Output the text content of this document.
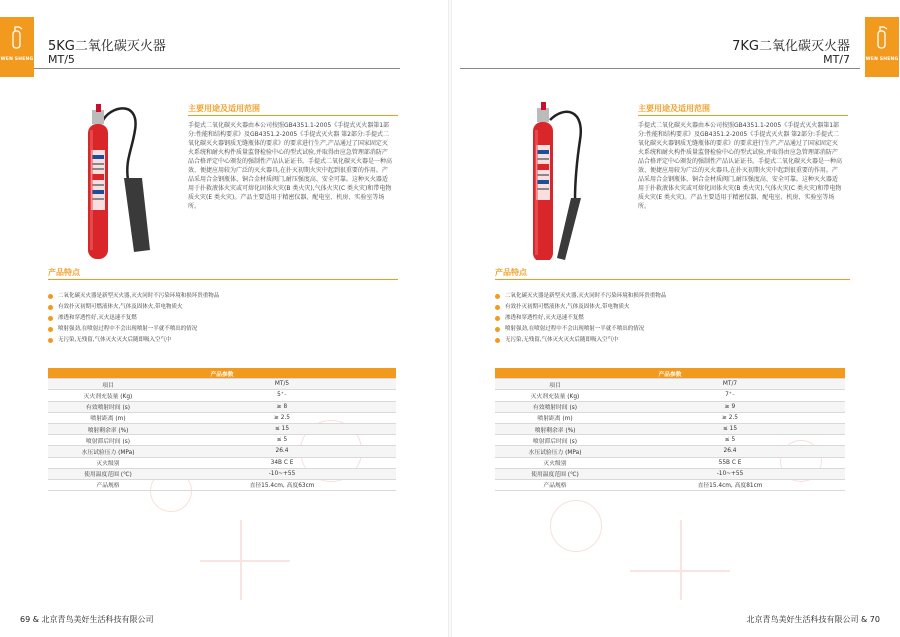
5KG二氧化碳灭火器
MT/5
主要用途及适用范围
手提式二氧化碳灭火器由本公司按照GB4351.1-2005《手提式灭火器第1部分:性能和结构要求》及GB4351.2-2005《手提式灭火器 第2部分:手提式二氧化碳灭火器钢质无缝瓶体的要求》的要求进行生产,产品通过了国家固定灭火系统和耐火构件质量监督检验中心的型式试验,并取得由应急管理部消防产品合格评定中心颁发的强制性产品认证证书。手提式二氧化碳灭火器是一种高效、便捷应用较为广泛的灭火器具,在扑灭初期火灾中起到很重要的作用。产品采用合金钢瓶体、铜合金材质阀门,耐压强度高、安全可靠。这种灭火器适用于扑救液体火灾或可熔化固体火灾(B 类火灾),气体火灾(C 类火灾)和带电物质火灾(E 类火灾)。产品主要适用于精密仪器、配电室、机房、实验室等场所。
产品特点
二氧化碳灭火器是新型灭火器,灭火同时不污染环境和损坏贵重物品
有效扑灭初期可燃液体火,气体及固体火,带电物质火
渗透和穿透性好,灭火迅速不复燃
喷射强劲,在喷射过程中不会出现喷射一半就不喷出的情况
无污染,无残留,气体灭火灭火后随即吸入空气中
产品参数	
项目	MT/5
灭火剂充装量 (Kg)	5⁺₋
有效喷射时间 (s)	≥ 8
喷射距离 (m)	≥ 2.5
喷射剩余率 (%)	≤ 15
喷射滞后时间 (s)	≤ 5
水压试验压力 (MPa)	26.4
灭火级别	34B C E
使用温度范围 (℃)	-10~+55
产品规格	直径15.4cm, 高度63cm
69 & 北京青鸟美好生活科技有限公司
WEN SHENG
7KG二氧化碳灭火器
MT/7
主要用途及适用范围
手提式二氧化碳灭火器由本公司按照GB4351.1-2005《手提式灭火器第1部分:性能和结构要求》及GB4351.2-2005《手提式灭火器 第2部分:手提式二氧化碳灭火器钢质无缝瓶体的要求》的要求进行生产,产品通过了国家固定灭火系统和耐火构件质量监督检验中心的型式试验,并取得由应急管理部消防产品合格评定中心颁发的强制性产品认证证书。手提式二氧化碳灭火器是一种高效、便捷应用较为广泛的灭火器具,在扑灭初期火灾中起到很重要的作用。产品采用合金钢瓶体、铜合金材质阀门,耐压强度高、安全可靠。这种灭火器适用于扑救液体火灾或可熔化固体火灾(B 类火灾),气体火灾(C 类火灾)和带电物质火灾(E 类火灾)。产品主要适用于精密仪器、配电室、机房、实验室等场所。
产品特点
二氧化碳灭火器是新型灭火器,灭火同时不污染环境和损坏贵重物品
有效扑灭初期可燃液体火,气体及固体火,带电物质火
渗透和穿透性好,灭火迅速不复燃
喷射强劲,在喷射过程中不会出现喷射一半就不喷出的情况
无污染,无残留,气体灭火灭火后随即吸入空气中
产品参数	
项目	MT/7
灭火剂充装量 (Kg)	7⁺₋
有效喷射时间 (s)	≥ 9
喷射距离 (m)	≥ 2.5
喷射剩余率 (%)	≤ 15
喷射滞后时间 (s)	≤ 5
水压试验压力 (MPa)	26.4
灭火级别	55B C E
使用温度范围 (℃)	-10~+55
产品规格	直径15.4cm, 高度81cm
北京青鸟美好生活科技有限公司 & 70
WEN SHENG
